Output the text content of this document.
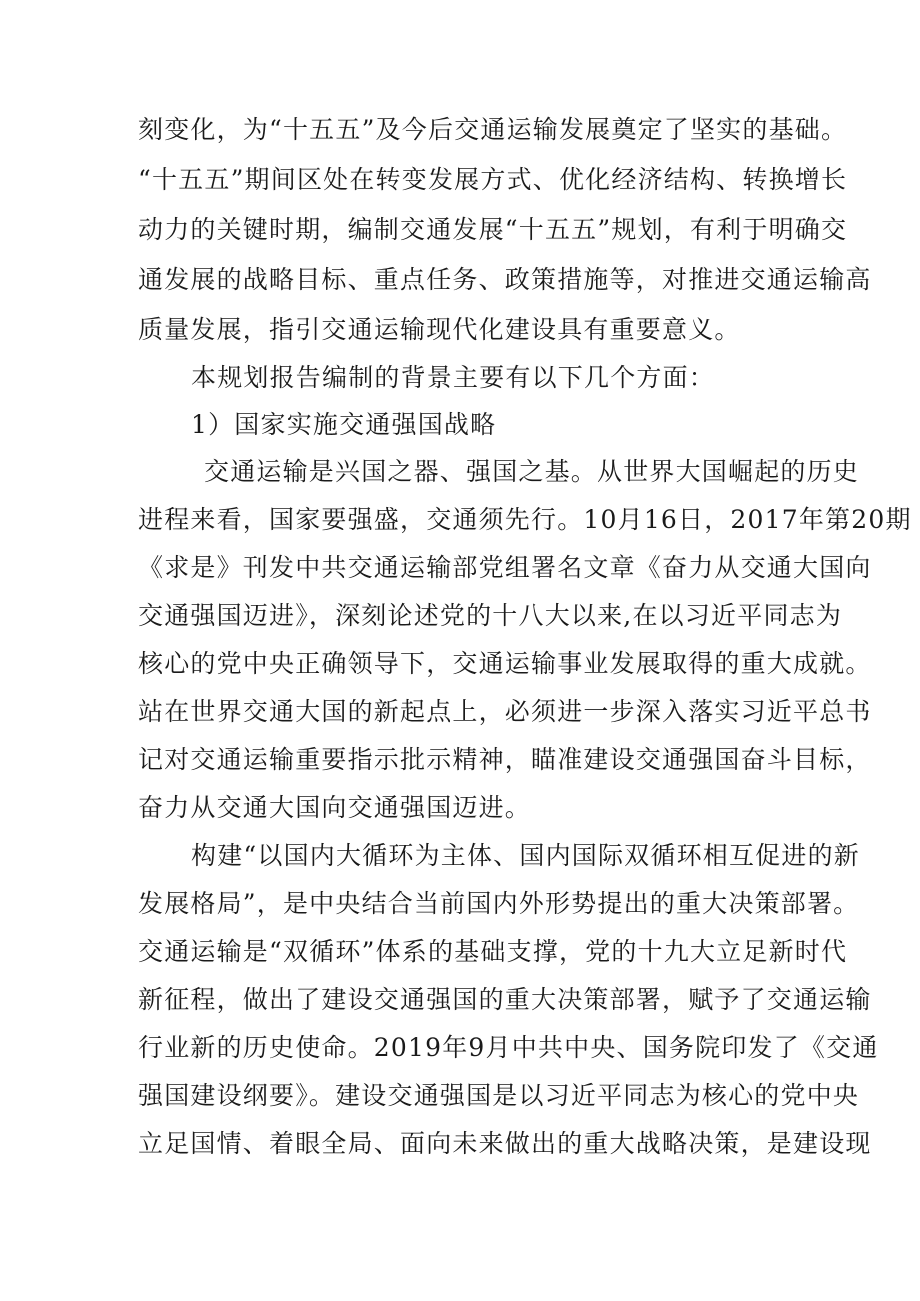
刻变化，为“十五五”及今后交通运输发展奠定了坚实的基础。
“十五五”期间区处在转变发展方式、优化经济结构、转换增长
动力的关键时期，编制交通发展“十五五”规划，有利于明确交
通发展的战略目标、重点任务、政策措施等，对推进交通运输高
质量发展，指引交通运输现代化建设具有重要意义。
本规划报告编制的背景主要有以下几个方面：
1）国家实施交通强国战略
交通运输是兴国之器、强国之基。从世界大国崛起的历史
进程来看，国家要强盛，交通须先行。10月16日，2017年第20期
《求是》刊发中共交通运输部党组署名文章《奋力从交通大国向
交通强国迈进》，深刻论述党的十八大以来,在以习近平同志为
核心的党中央正确领导下，交通运输事业发展取得的重大成就。
站在世界交通大国的新起点上，必须进一步深入落实习近平总书
记对交通运输重要指示批示精神，瞄准建设交通强国奋斗目标，
奋力从交通大国向交通强国迈进。
构建“以国内大循环为主体、国内国际双循环相互促进的新
发展格局”，是中央结合当前国内外形势提出的重大决策部署。
交通运输是“双循环”体系的基础支撑，党的十九大立足新时代
新征程，做出了建设交通强国的重大决策部署，赋予了交通运输
行业新的历史使命。2019年9月中共中央、国务院印发了《交通
强国建设纲要》。建设交通强国是以习近平同志为核心的党中央
立足国情、着眼全局、面向未来做出的重大战略决策，是建设现
